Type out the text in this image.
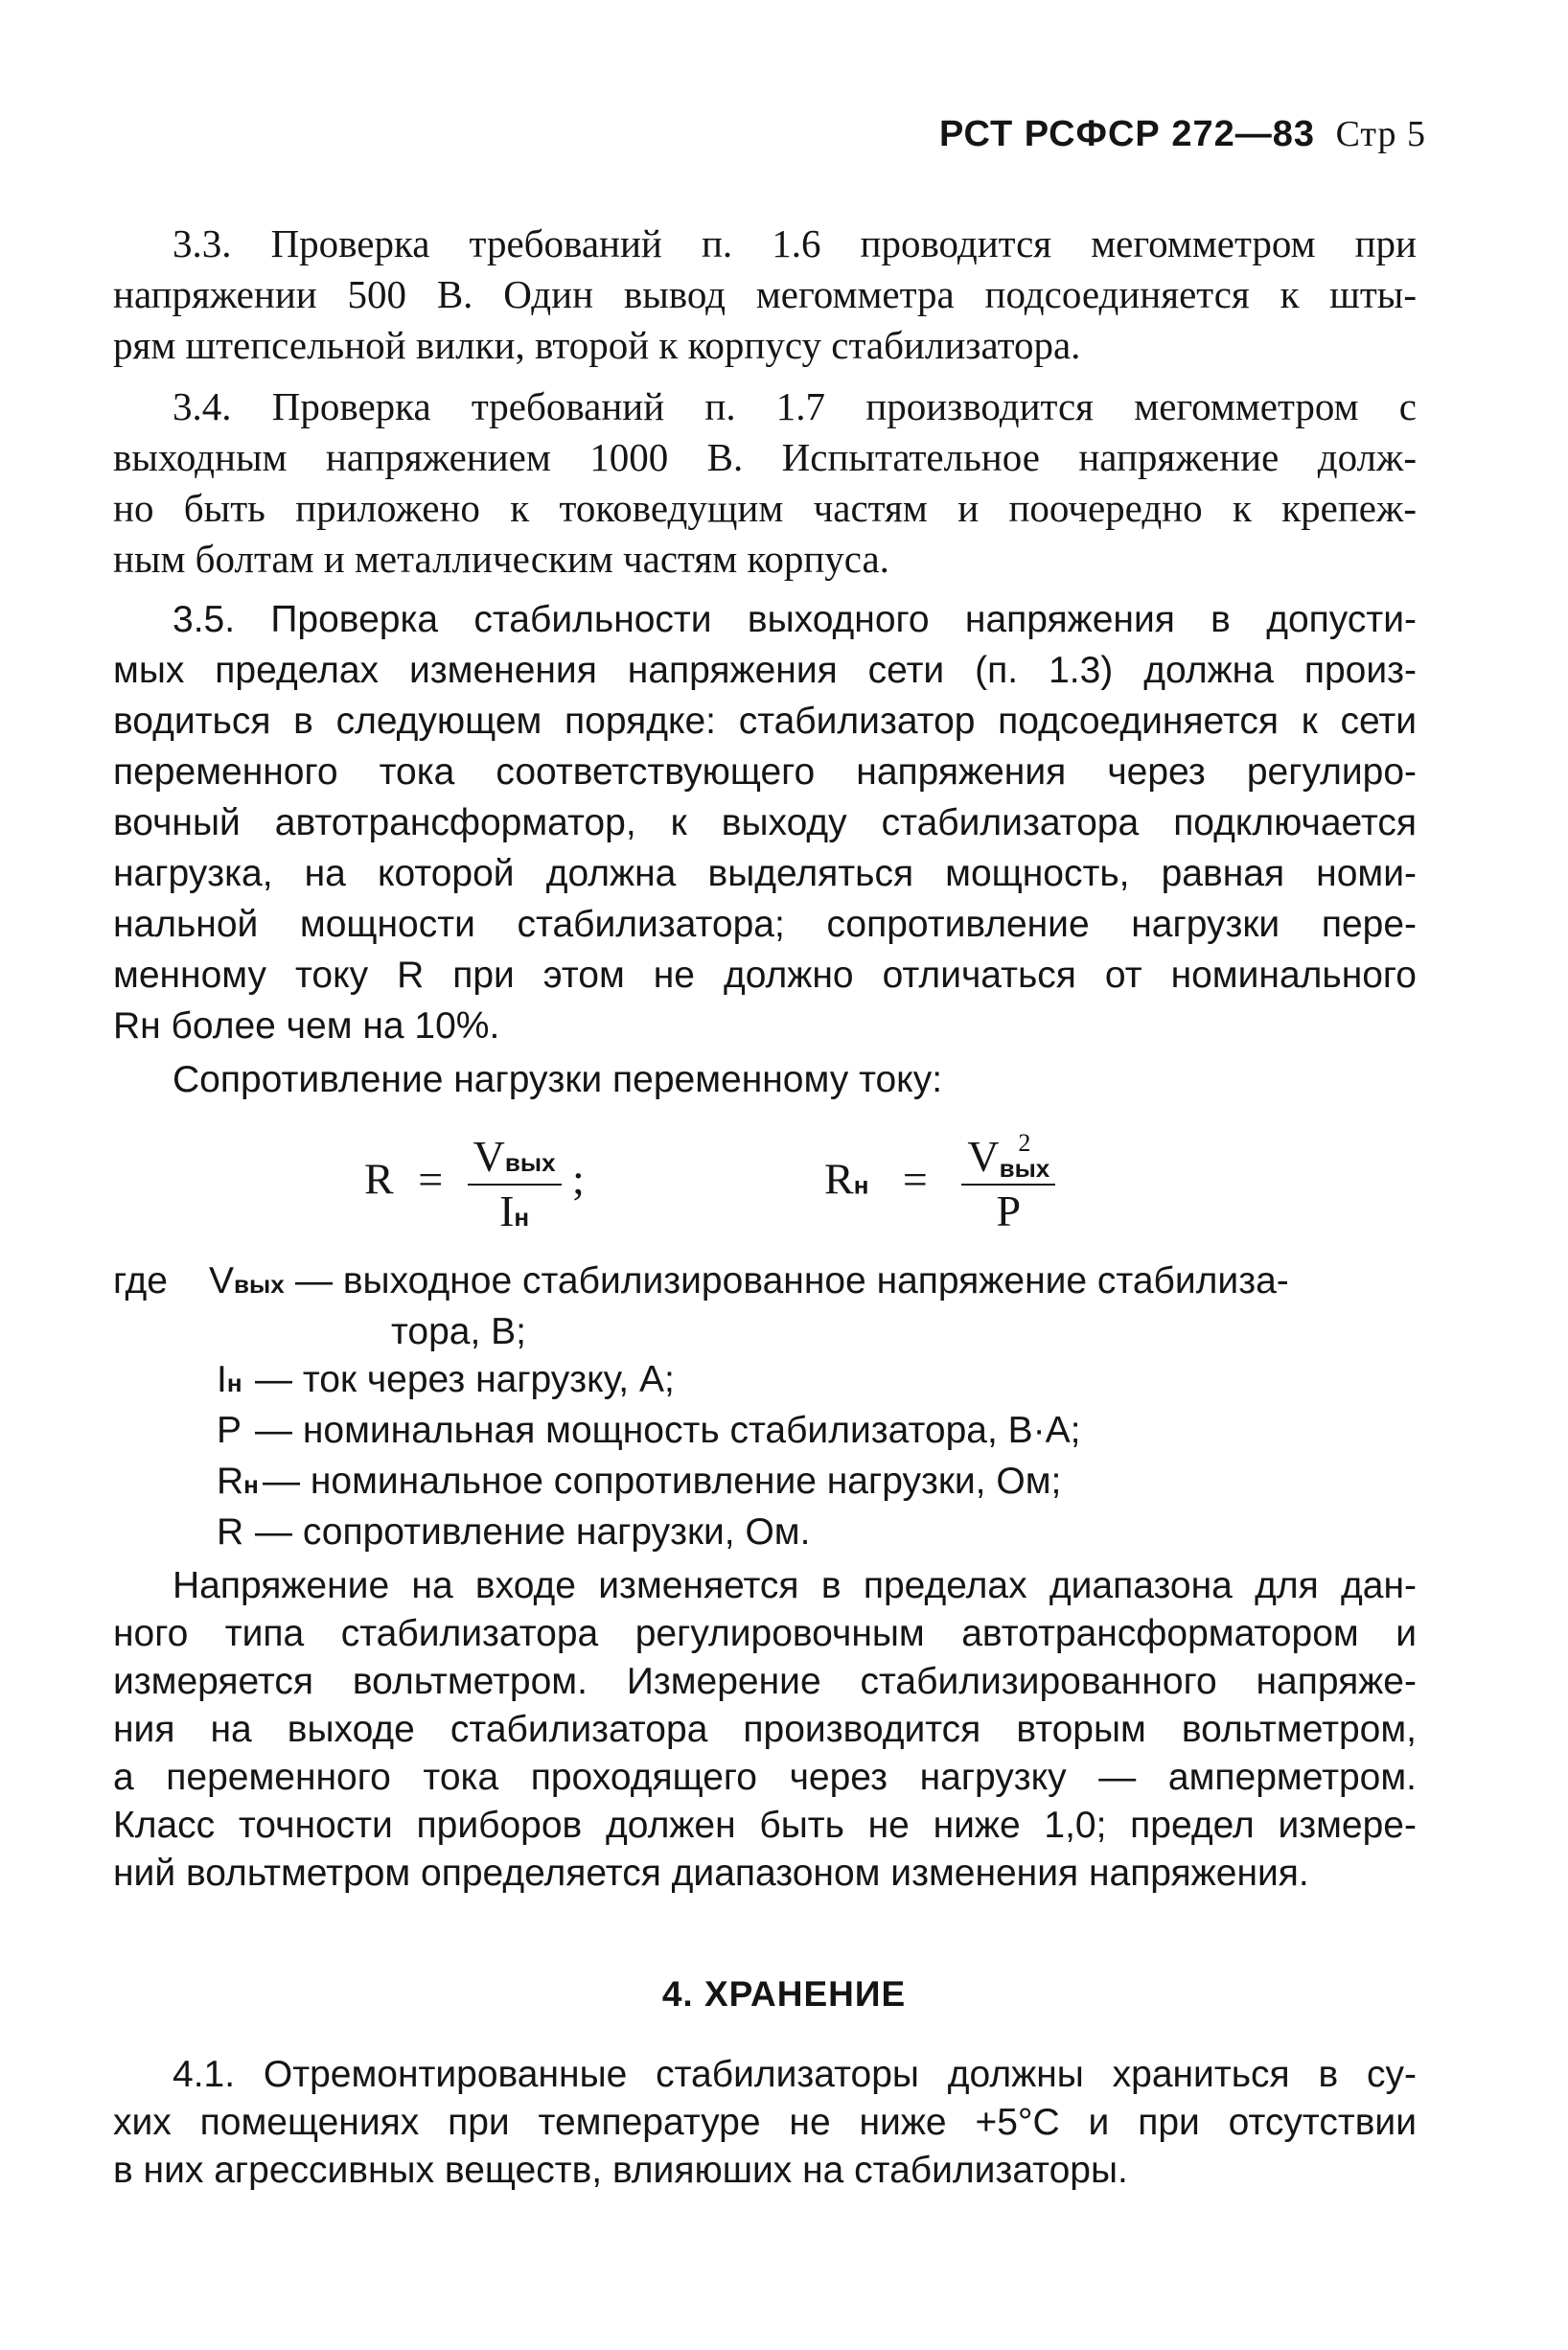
РСТ РСФСР 272—83 Стр 5
3.3. Проверка требований п. 1.6 проводится мегомметром при
напряжении 500 В. Один вывод мегомметра подсоединяется к шты-
рям штепсельной вилки, второй к корпусу стабилизатора.
3.4. Проверка требований п. 1.7 производится мегомметром с
выходным напряжением 1000 В. Испытательное напряжение долж-
но быть приложено к токоведущим частям и поочередно к крепеж-
ным болтам и металлическим частям корпуса.
3.5. Проверка стабильности выходного напряжения в допусти-
мых пределах изменения напряжения сети (п. 1.3) должна произ-
водиться в следующем порядке: стабилизатор подсоединяется к сети
переменного тока соответствующего напряжения через регулиро-
вочный автотрансформатор, к выходу стабилизатора подключается
нагрузка, на которой должна выделяться мощность, равная номи-
нальной мощности стабилизатора; сопротивление нагрузки пере-
менному току R при этом не должно отличаться от номинального
Rн более чем на 10%.
Сопротивление нагрузки переменному току:
$R = \frac{\text{Vвых}}{Iн}$ ;	Rн = V 2
вых
P
где	Vвых — выходное стабилизированное напряжение стабилиза-
тора, В;
Iн — ток через нагрузку, А;
P — номинальная мощность стабилизатора, В·А;
Rн — номинальное сопротивление нагрузки, Ом;
R — сопротивление нагрузки, Ом.
Напряжение на входе изменяется в пределах диапазона для дан-
ного типа стабилизатора регулировочным автотрансформатором и
измеряется вольтметром. Измерение стабилизированного напряже-
ния на выходе стабилизатора производится вторым вольтметром,
а переменного тока проходящего через нагрузку — амперметром.
Класс точности приборов должен быть не ниже 1,0; предел измере-
ний вольтметром определяется диапазоном изменения напряжения.
4. ХРАНЕНИЕ
4.1. Отремонтированные стабилизаторы должны храниться в су-
хих помещениях при температуре не ниже +5°С и при отсутствии
в них агрессивных веществ, влияюших на стабилизаторы.
